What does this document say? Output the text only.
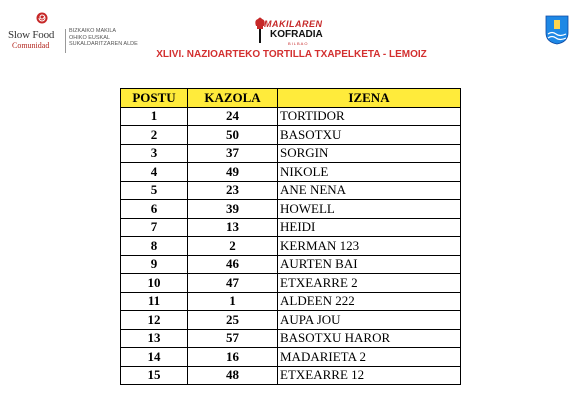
Slow Food
Comunidad
BIZKAIKO MAKILA
OHIKO EUSKAL
SUKALDARITZAREN ALDE
MAKILAREN
KOFRADIA
BILBAO
XLIVI. NAZIOARTEKO TORTILLA TXAPELKETA - LEMOIZ
POSTU	KAZOLA	IZENA
1	24	TORTIDOR
2	50	BASOTXU
3	37	SORGIN
4	49	NIKOLE
5	23	ANE NENA
6	39	HOWELL
7	13	HEIDI
8	2	KERMAN 123
9	46	AURTEN BAI
10	47	ETXEARRE 2
11	1	ALDEEN 222
12	25	AUPA JOU
13	57	BASOTXU HAROR
14	16	MADARIETA 2
15	48	ETXEARRE 12
